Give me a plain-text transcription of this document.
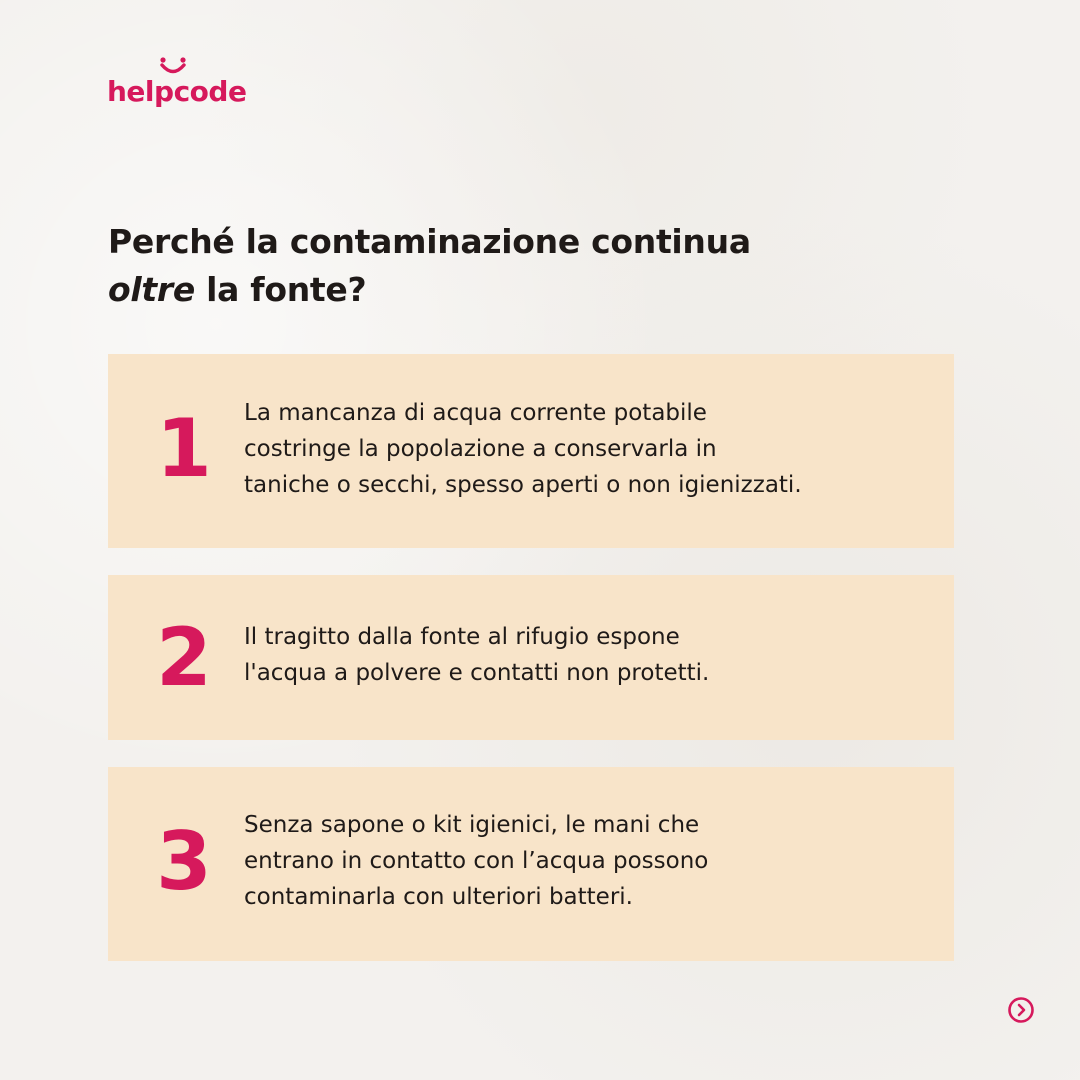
helpcode
Perché la contaminazione continua
oltre la fonte?
1	La mancanza di acqua corrente potabile
costringe la popolazione a conservarla in
taniche o secchi, spesso aperti o non igienizzati.

2	Il tragitto dalla fonte al rifugio espone
l'acqua a polvere e contatti non protetti.

3	Senza sapone o kit igienici, le mani che
entrano in contatto con l’acqua possono
contaminarla con ulteriori batteri.
